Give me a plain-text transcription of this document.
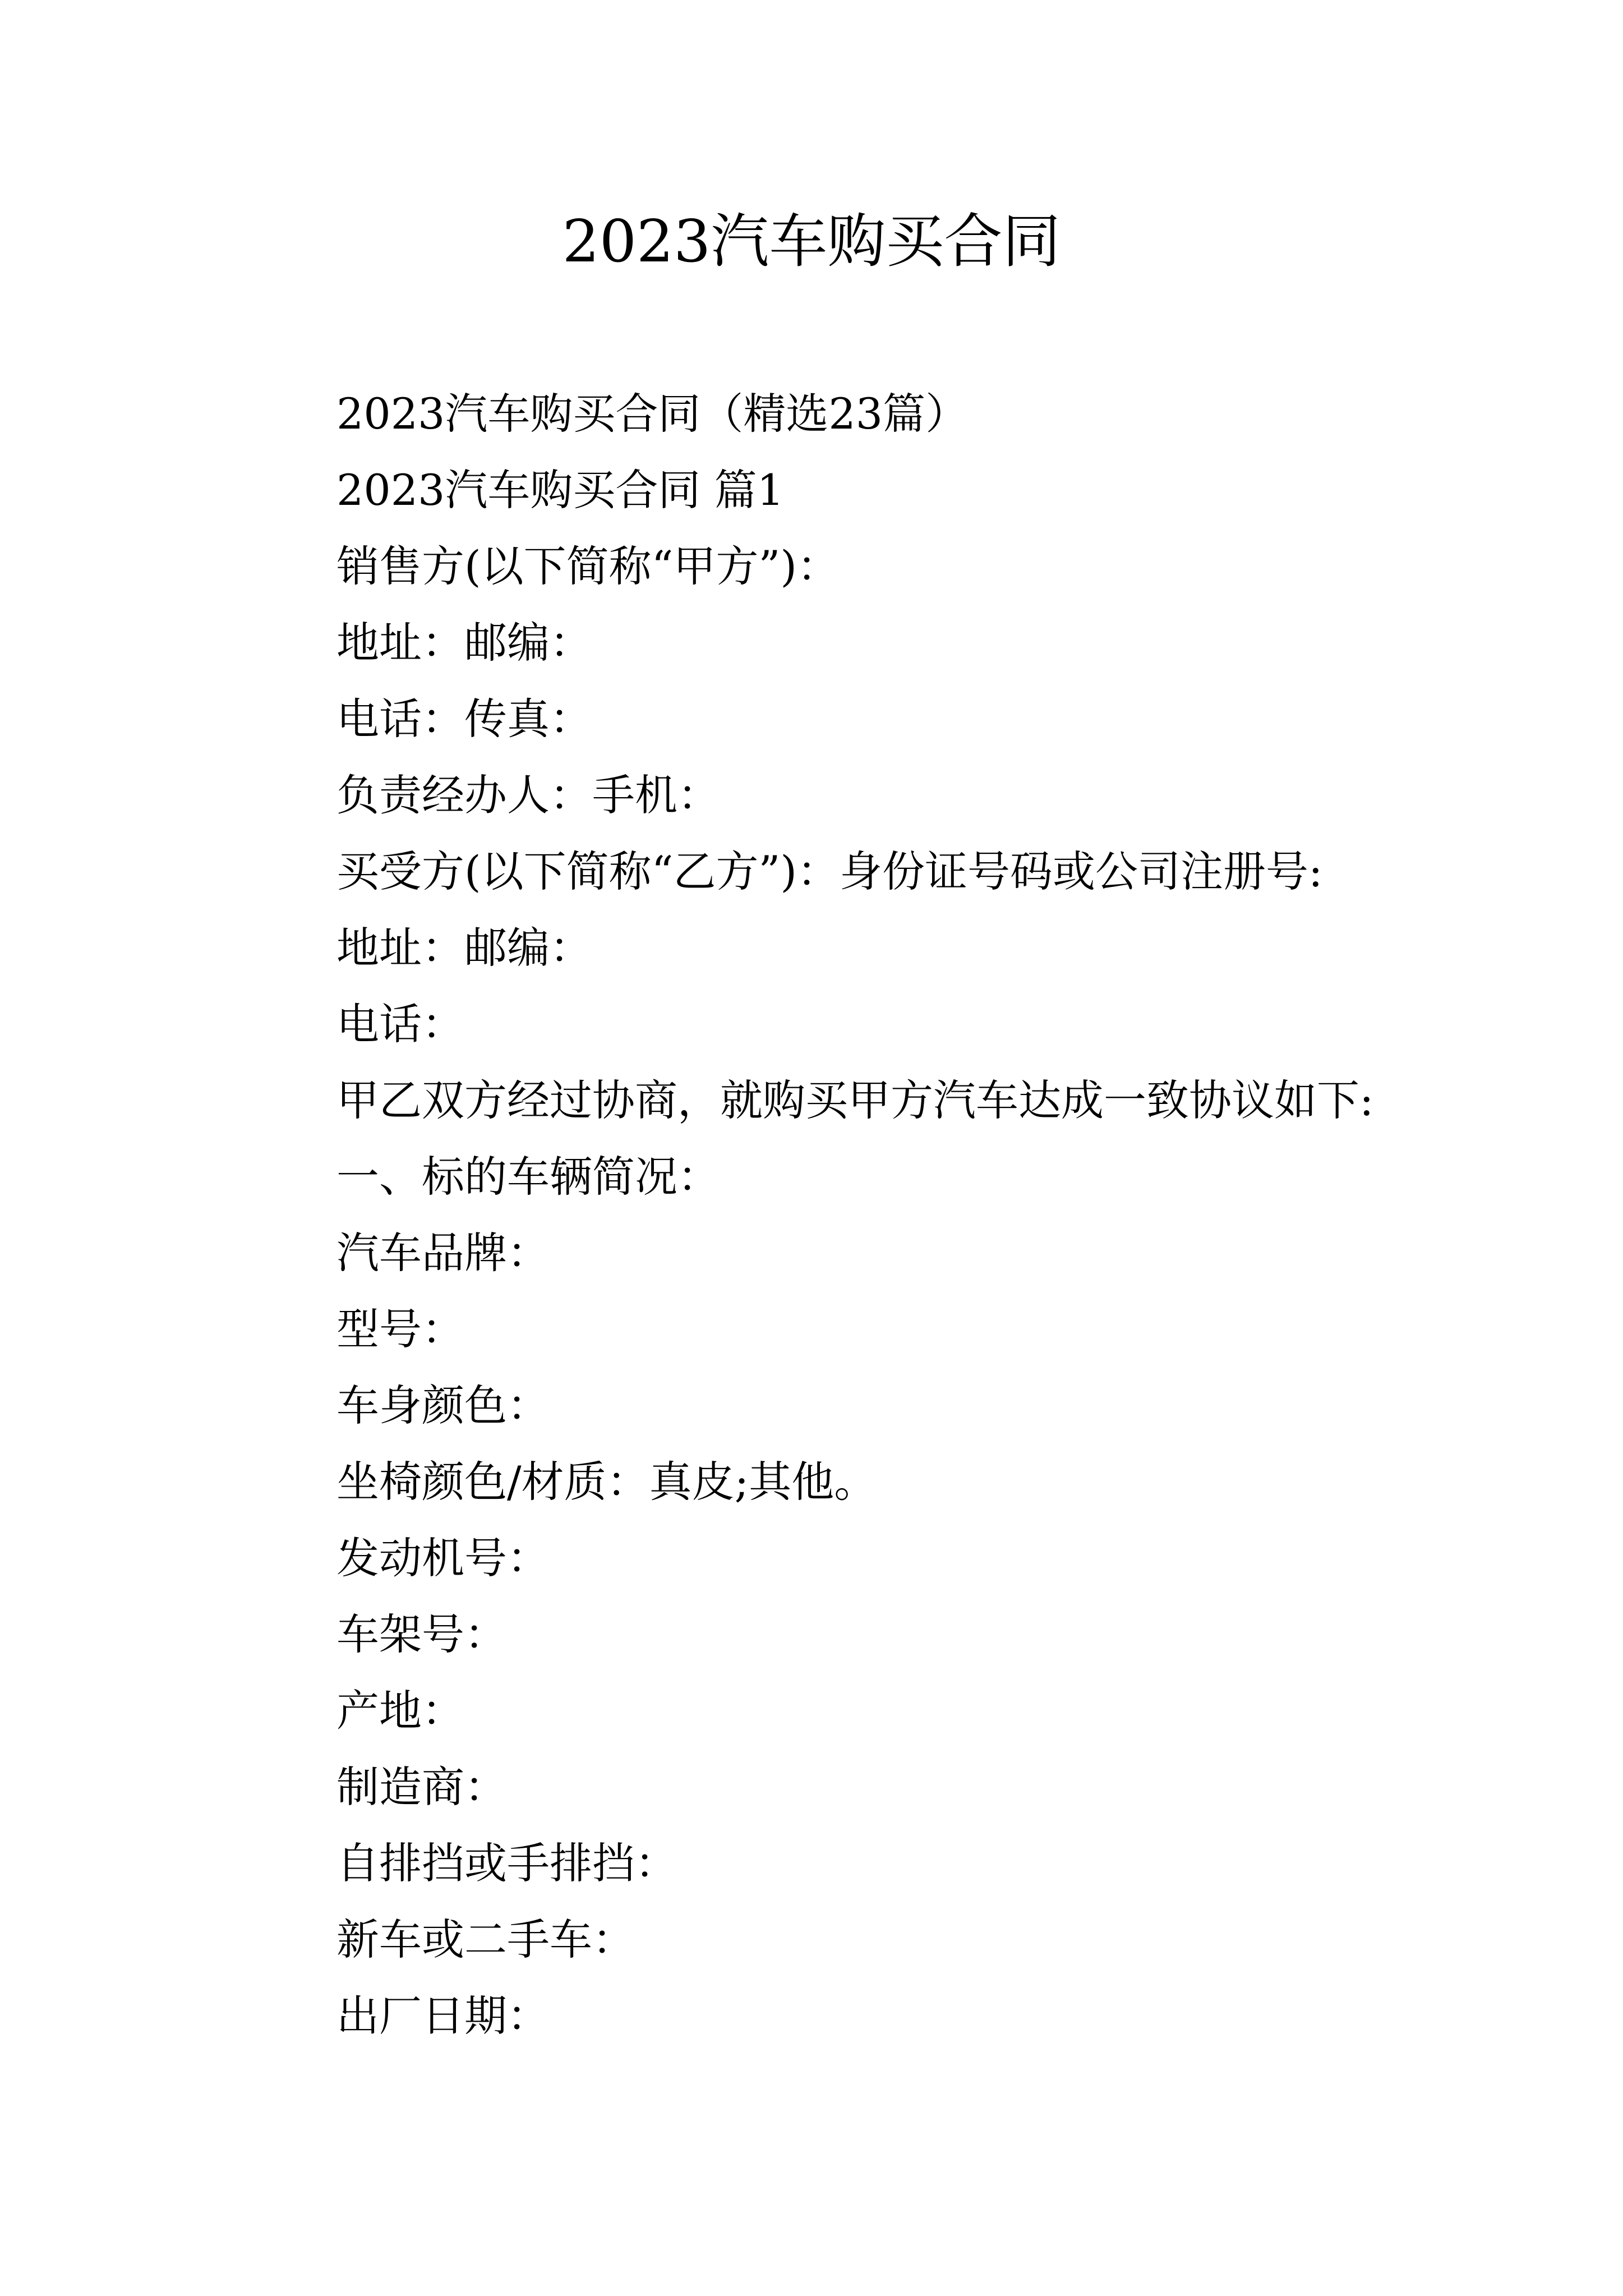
2023汽车购买合同
2023汽车购买合同（精选23篇）
2023汽车购买合同 篇1
销售方(以下简称“甲方”)：
地址：邮编：
电话：传真：
负责经办人：手机：
买受方(以下简称“乙方”)：身份证号码或公司注册号:
地址：邮编：
电话：
甲乙双方经过协商，就购买甲方汽车达成一致协议如下:
一、标的车辆简况：
汽车品牌：
型号：
车身颜色：
坐椅颜色/材质：真皮;其他。
发动机号：
车架号：
产地：
制造商：
自排挡或手排挡：
新车或二手车：
出厂日期：
